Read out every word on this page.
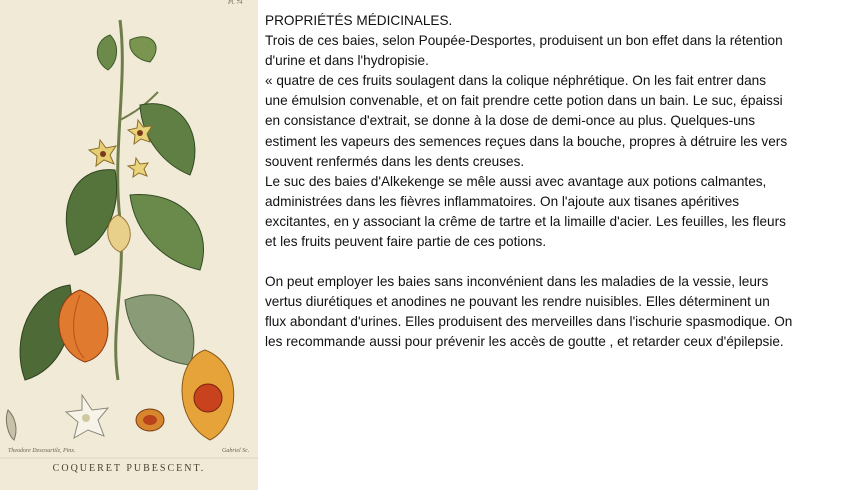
Pl. 74
Theodore Descourtilz, Pinx.	Gabriel Sc.
COQUERET PUBESCENT.

PROPRIÉTÉS MÉDICINALES.

Trois de ces baies, selon Poupée-Desportes, produisent un bon effet dans la rétention

d'urine et dans l'hydropisie.

« quatre de ces fruits soulagent dans la colique néphrétique. On les fait entrer dans

une émulsion convenable, et on fait prendre cette potion dans un bain. Le suc, épaissi

en consistance d'extrait, se donne à la dose de demi-once au plus. Quelques-uns

estiment les vapeurs des semences reçues dans la bouche, propres à détruire les vers

souvent renfermés dans les dents creuses.

Le suc des baies d'Alkekenge se mêle aussi avec avantage aux potions calmantes,

administrées dans les fièvres inflammatoires. On l'ajoute aux tisanes apéritives

excitantes, en y associant la crême de tartre et la limaille d'acier. Les feuilles, les fleurs

et les fruits peuvent faire partie de ces potions.

On peut employer les baies sans inconvénient dans les maladies de la vessie, leurs

vertus diurétiques et anodines ne pouvant les rendre nuisibles. Elles déterminent un

flux abondant d'urines. Elles produisent des merveilles dans l'ischurie spasmodique. On

les recommande aussi pour prévenir les accès de goutte , et retarder ceux d'épilepsie.
